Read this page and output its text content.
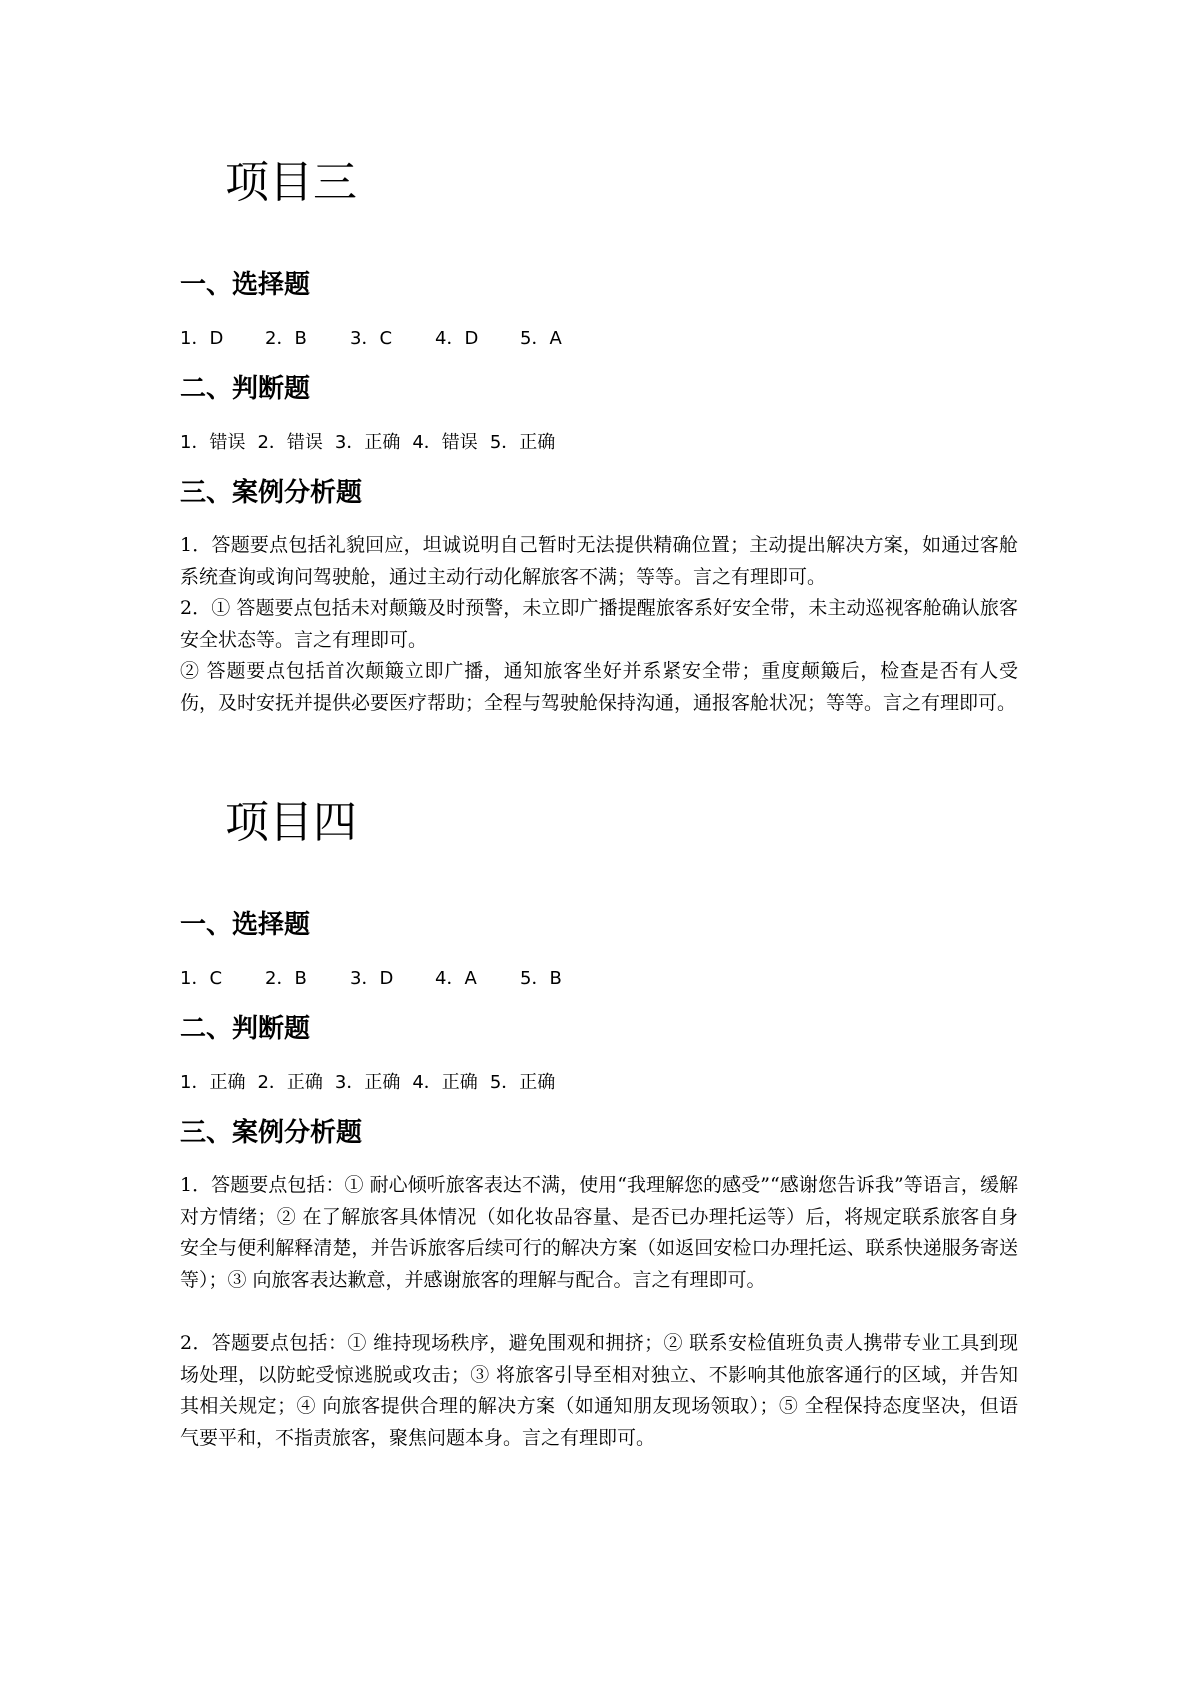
项目三
一、选择题
1．D 2．B 3．C 4．D 5．A
二、判断题
1．错误 2．错误 3．正确 4．错误 5．正确
三、案例分析题

1．答题要点包括礼貌回应，坦诚说明自己暂时无法提供精确位置；主动提出解决方案，如通过客舱系统查询或询问驾驶舱，通过主动行动化解旅客不满；等等。言之有理即可。

2．① 答题要点包括未对颠簸及时预警，未立即广播提醒旅客系好安全带，未主动巡视客舱确认旅客安全状态等。言之有理即可。

② 答题要点包括首次颠簸立即广播，通知旅客坐好并系紧安全带；重度颠簸后，检查是否有人受伤，及时安抚并提供必要医疗帮助；全程与驾驶舱保持沟通，通报客舱状况；等等。言之有理即可。

项目四
一、选择题
1．C 2．B 3．D 4．A 5．B
二、判断题
1．正确 2．正确 3．正确 4．正确 5．正确
三、案例分析题

1．答题要点包括：① 耐心倾听旅客表达不满，使用“我理解您的感受”“感谢您告诉我”等语言，缓解对方情绪；② 在了解旅客具体情况（如化妆品容量、是否已办理托运等）后，将规定联系旅客自身安全与便利解释清楚，并告诉旅客后续可行的解决方案（如返回安检口办理托运、联系快递服务寄送等）；③ 向旅客表达歉意，并感谢旅客的理解与配合。言之有理即可。

2．答题要点包括：① 维持现场秩序，避免围观和拥挤；② 联系安检值班负责人携带专业工具到现场处理，以防蛇受惊逃脱或攻击；③ 将旅客引导至相对独立、不影响其他旅客通行的区域，并告知其相关规定；④ 向旅客提供合理的解决方案（如通知朋友现场领取）；⑤ 全程保持态度坚决，但语气要平和，不指责旅客，聚焦问题本身。言之有理即可。
